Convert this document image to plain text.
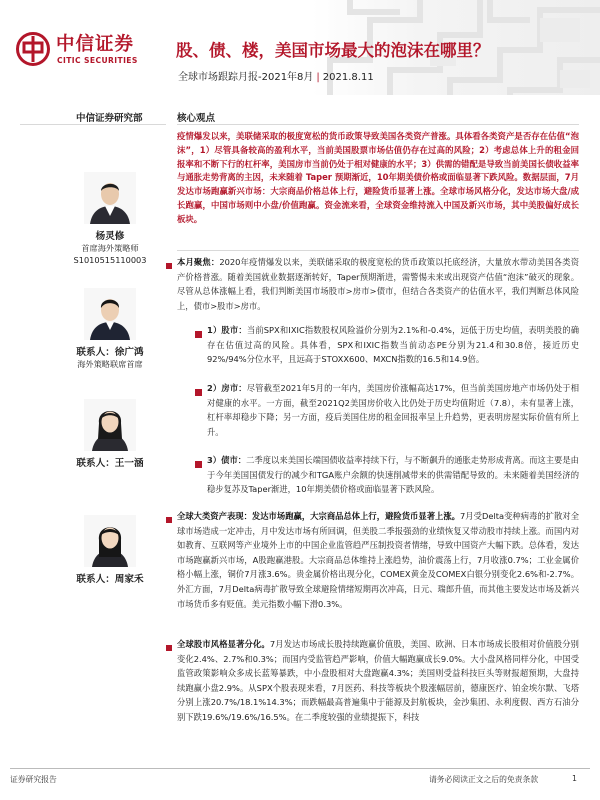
中信证券
CITIC SECURITIES
股、债、楼，美国市场最大的泡沫在哪里？
全球市场跟踪月报-2021年8月 | 2021.8.11
中信证券研究部	核心观点

疫情爆发以来，美联储采取的极度宽松的货币政策导致美国各类资产普涨。具体看各类资产是否存在估值“泡沫”，1）尽管具备较高的盈利水平，当前美国股票市场估值仍存在过高的风险；2）考虑总体上升的租金回报率和不断下行的杠杆率，美国房市当前仍处于相对健康的水平；3）供需的错配是导致当前美国长债收益率与通胀走势背离的主因，未来随着 Taper 预期渐近，10年期美债价格或面临显著下跌风险。数据层面，7月发达市场跑赢新兴市场：大宗商品价格总体上行，避险货币显著上涨。全球市场风格分化，发达市场大盘/成长跑赢，中国市场则中小盘/价值跑赢。资金流来看，全球资金维持流入中国及新兴市场，其中美股偏好成长板块。

杨灵修
首席海外策略师
S1010515110003
联系人：徐广鸿
海外策略联席首席
联系人：王一涵
联系人：周家禾

本月聚焦：2020年疫情爆发以来，美联储采取的极度宽松的货币政策以托底经济，大量放水带动美国各类资产价格普涨。随着美国就业数据逐渐转好，Taper预期渐进，需警惕未来或出现资产估值“泡沫”破灭的现象。尽管从总体涨幅上看，我们判断美国市场股市>房市>债市，但结合各类资产的估值水平，我们判断总体风险上，债市>股市>房市。

1）股市：当前SPX和IXIC指数股权风险溢价分别为2.1%和-0.4%，远低于历史均值，表明美股的确存在估值过高的风险。具体看，SPX和IXIC指数当前动态PE分别为21.4和30.8倍，接近历史92%/94%分位水平，且远高于STOXX600、MXCN指数的16.5和14.9倍。

2）房市：尽管截至2021年5月的一年内，美国房价涨幅高达17%，但当前美国房地产市场仍处于相对健康的水平。一方面，截至2021Q2美国房价收入比仍处于历史均值附近（7.8），未有显著上涨，杠杆率却稳步下降；另一方面，疫后美国住房的租金回报率呈上升趋势，更表明房屋实际价值有所上升。

3）债市：二季度以来美国长端国债收益率持续下行，与不断飙升的通胀走势形成背离。而这主要是由于今年美国国债发行的减少和TGA账户余额的快速削减带来的供需错配导致的。未来随着美国经济的稳步复苏及Taper渐进，10年期美债价格或面临显著下跌风险。

全球大类资产表现：发达市场跑赢，大宗商品总体上行，避险货币显著上涨。7月受Delta变种病毒的扩散对全球市场造成一定冲击，月中发达市场有所回调，但美股二季报强劲的业绩恢复又带动股市持续上涨。而国内对如教育、互联网等产业境外上市的中国企业监管趋严压制投资者情绪，导致中国资产大幅下跌。总体看，发达市场跑赢新兴市场，A股跑赢港股。大宗商品总体维持上涨趋势，油价震荡上行，7月收涨0.7%；工业金属价格小幅上涨，铜价7月涨3.6%。贵金属价格出现分化，COMEX黄金及COMEX白银分别变化2.6%和-2.7%。外汇方面，7月Delta病毒扩散导致全球避险情绪短期再次冲高，日元、瑞郎升值，而其他主要发达市场及新兴市场货币多有贬值。美元指数小幅下滑0.3%。

全球股市风格显著分化。7月发达市场成长股持续跑赢价值股，美国、欧洲、日本市场成长股相对价值股分别变化2.4%、2.7%和0.3%；而国内受监管趋严影响，价值大幅跑赢成长9.0%。大小盘风格同样分化，中国受监管政策影响众多成长蓝筹暴跌，中小盘股相对大盘跑赢4.3%；美国则受益科技巨头等财报超预期，大盘持续跑赢小盘2.9%。从SPX个股表现来看，7月医药、科技等板块个股涨幅居前，德康医疗、铂金埃尔默、飞塔分别上涨20.7%/18.1%14.3%；而跌幅最高普遍集中于能源及封航板块，金沙集团、永利度假、西方石油分别下跌19.6%/19.6%/16.5%。在二季度较强的业绩提振下，科技

证券研究报告	请务必阅读正文之后的免责条款	1
